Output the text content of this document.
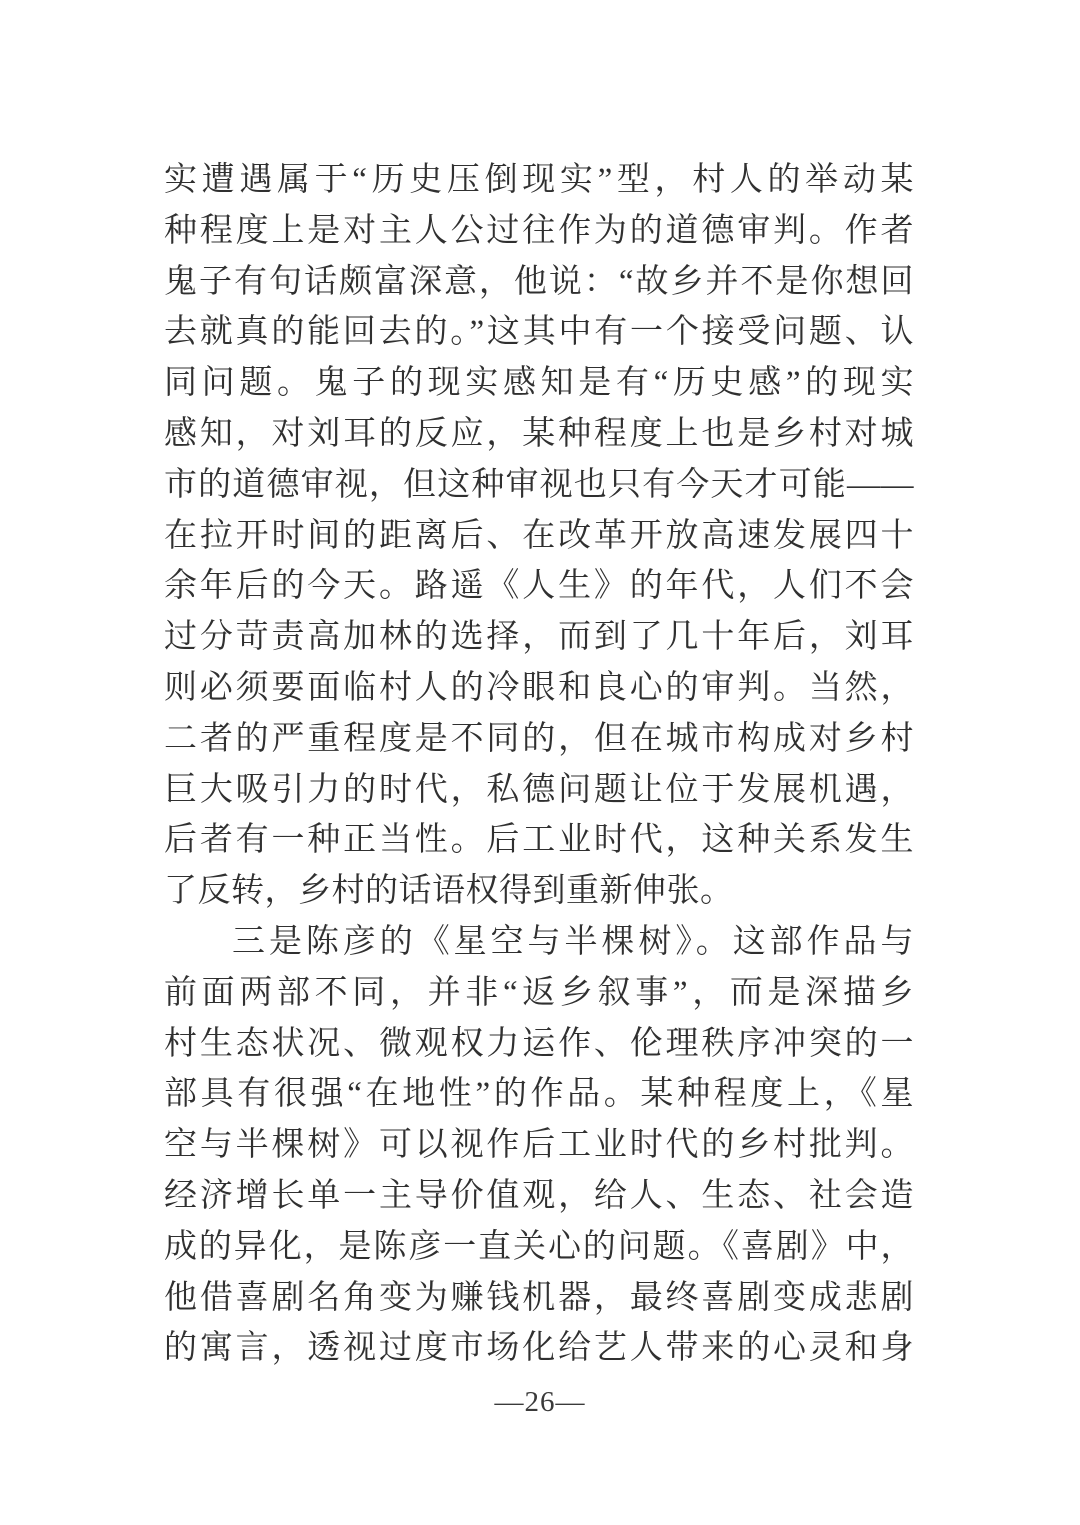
实遭遇属于“历史压倒现实”型，村人的举动某
种程度上是对主人公过往作为的道德审判。作者
鬼子有句话颇富深意，他说：“故乡并不是你想回
去就真的能回去的。”这其中有一个接受问题、认
同问题。鬼子的现实感知是有“历史感”的现实
感知，对刘耳的反应，某种程度上也是乡村对城
市的道德审视，但这种审视也只有今天才可能——
在拉开时间的距离后、在改革开放高速发展四十
余年后的今天。路遥《人生》的年代，人们不会
过分苛责高加林的选择，而到了几十年后，刘耳
则必须要面临村人的冷眼和良心的审判。当然，
二者的严重程度是不同的，但在城市构成对乡村
巨大吸引力的时代，私德问题让位于发展机遇，
后者有一种正当性。后工业时代，这种关系发生
了反转，乡村的话语权得到重新伸张。
三是陈彦的《星空与半棵树》。这部作品与
前面两部不同，并非“返乡叙事”，而是深描乡
村生态状况、微观权力运作、伦理秩序冲突的一
部具有很强“在地性”的作品。某种程度上，《星
空与半棵树》可以视作后工业时代的乡村批判。
经济增长单一主导价值观，给人、生态、社会造
成的异化，是陈彦一直关心的问题。《喜剧》中，
他借喜剧名角变为赚钱机器，最终喜剧变成悲剧
的寓言，透视过度市场化给艺人带来的心灵和身
—26—
